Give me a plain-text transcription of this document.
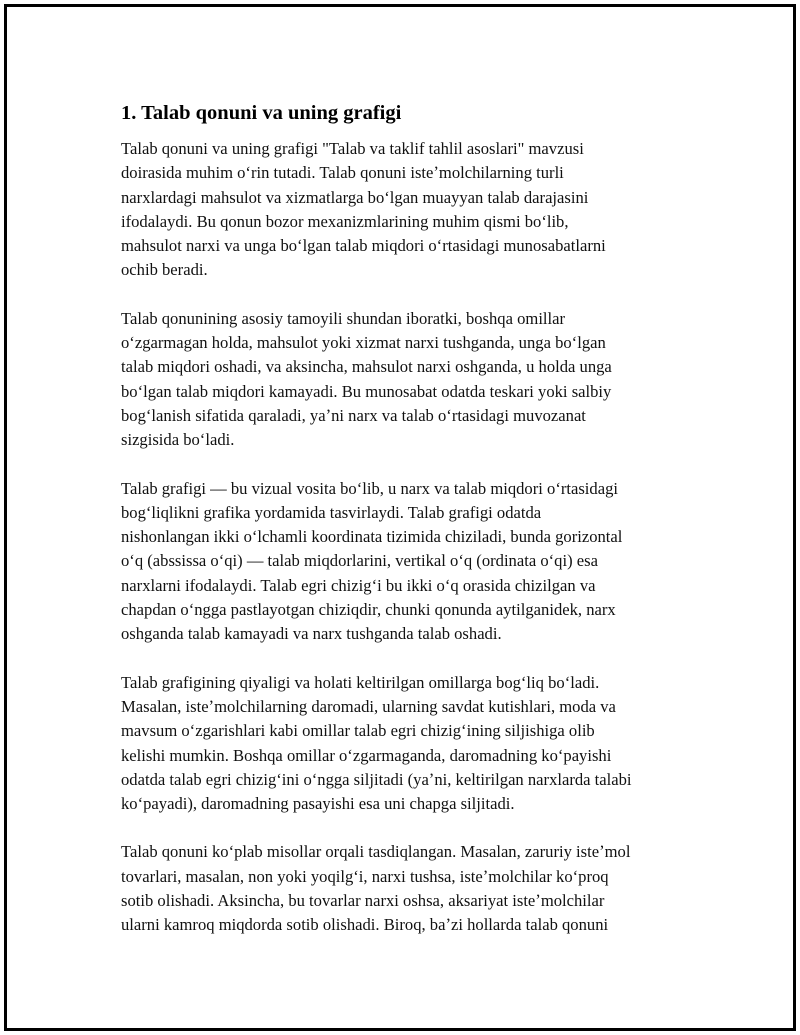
1. Talab qonuni va uning grafigi

Talab qonuni va uning grafigi "Talab va taklif tahlil asoslari" mavzusi
doirasida muhim oʻrin tutadi. Talab qonuni isteʼmolchilarning turli
narxlardagi mahsulot va xizmatlarga boʻlgan muayyan talab darajasini
ifodalaydi. Bu qonun bozor mexanizmlarining muhim qismi boʻlib,
mahsulot narxi va unga boʻlgan talab miqdori oʻrtasidagi munosabatlarni
ochib beradi.

Talab qonunining asosiy tamoyili shundan iboratki, boshqa omillar
oʻzgarmagan holda, mahsulot yoki xizmat narxi tushganda, unga boʻlgan
talab miqdori oshadi, va aksincha, mahsulot narxi oshganda, u holda unga
boʻlgan talab miqdori kamayadi. Bu munosabat odatda teskari yoki salbiy
bogʻlanish sifatida qaraladi, yaʼni narx va talab oʻrtasidagi muvozanat
sizgisida boʻladi.

Talab grafigi — bu vizual vosita boʻlib, u narx va talab miqdori oʻrtasidagi
bogʻliqlikni grafika yordamida tasvirlaydi. Talab grafigi odatda
nishonlangan ikki oʻlchamli koordinata tizimida chiziladi, bunda gorizontal
oʻq (abssissa oʻqi) — talab miqdorlarini, vertikal oʻq (ordinata oʻqi) esa
narxlarni ifodalaydi. Talab egri chizigʻi bu ikki oʻq orasida chizilgan va
chapdan oʻngga pastlayotgan chiziqdir, chunki qonunda aytilganidek, narx
oshganda talab kamayadi va narx tushganda talab oshadi.

Talab grafigining qiyaligi va holati keltirilgan omillarga bogʻliq boʻladi.
Masalan, isteʼmolchilarning daromadi, ularning savdat kutishlari, moda va
mavsum oʻzgarishlari kabi omillar talab egri chizigʻining siljishiga olib
kelishi mumkin. Boshqa omillar oʻzgarmaganda, daromadning koʻpayishi
odatda talab egri chizigʻini oʻngga siljitadi (yaʼni, keltirilgan narxlarda talabi
koʻpayadi), daromadning pasayishi esa uni chapga siljitadi.

Talab qonuni koʻplab misollar orqali tasdiqlangan. Masalan, zaruriy isteʼmol
tovarlari, masalan, non yoki yoqilgʻi, narxi tushsa, isteʼmolchilar koʻproq
sotib olishadi. Aksincha, bu tovarlar narxi oshsa, aksariyat isteʼmolchilar
ularni kamroq miqdorda sotib olishadi. Biroq, baʼzi hollarda talab qonuni
